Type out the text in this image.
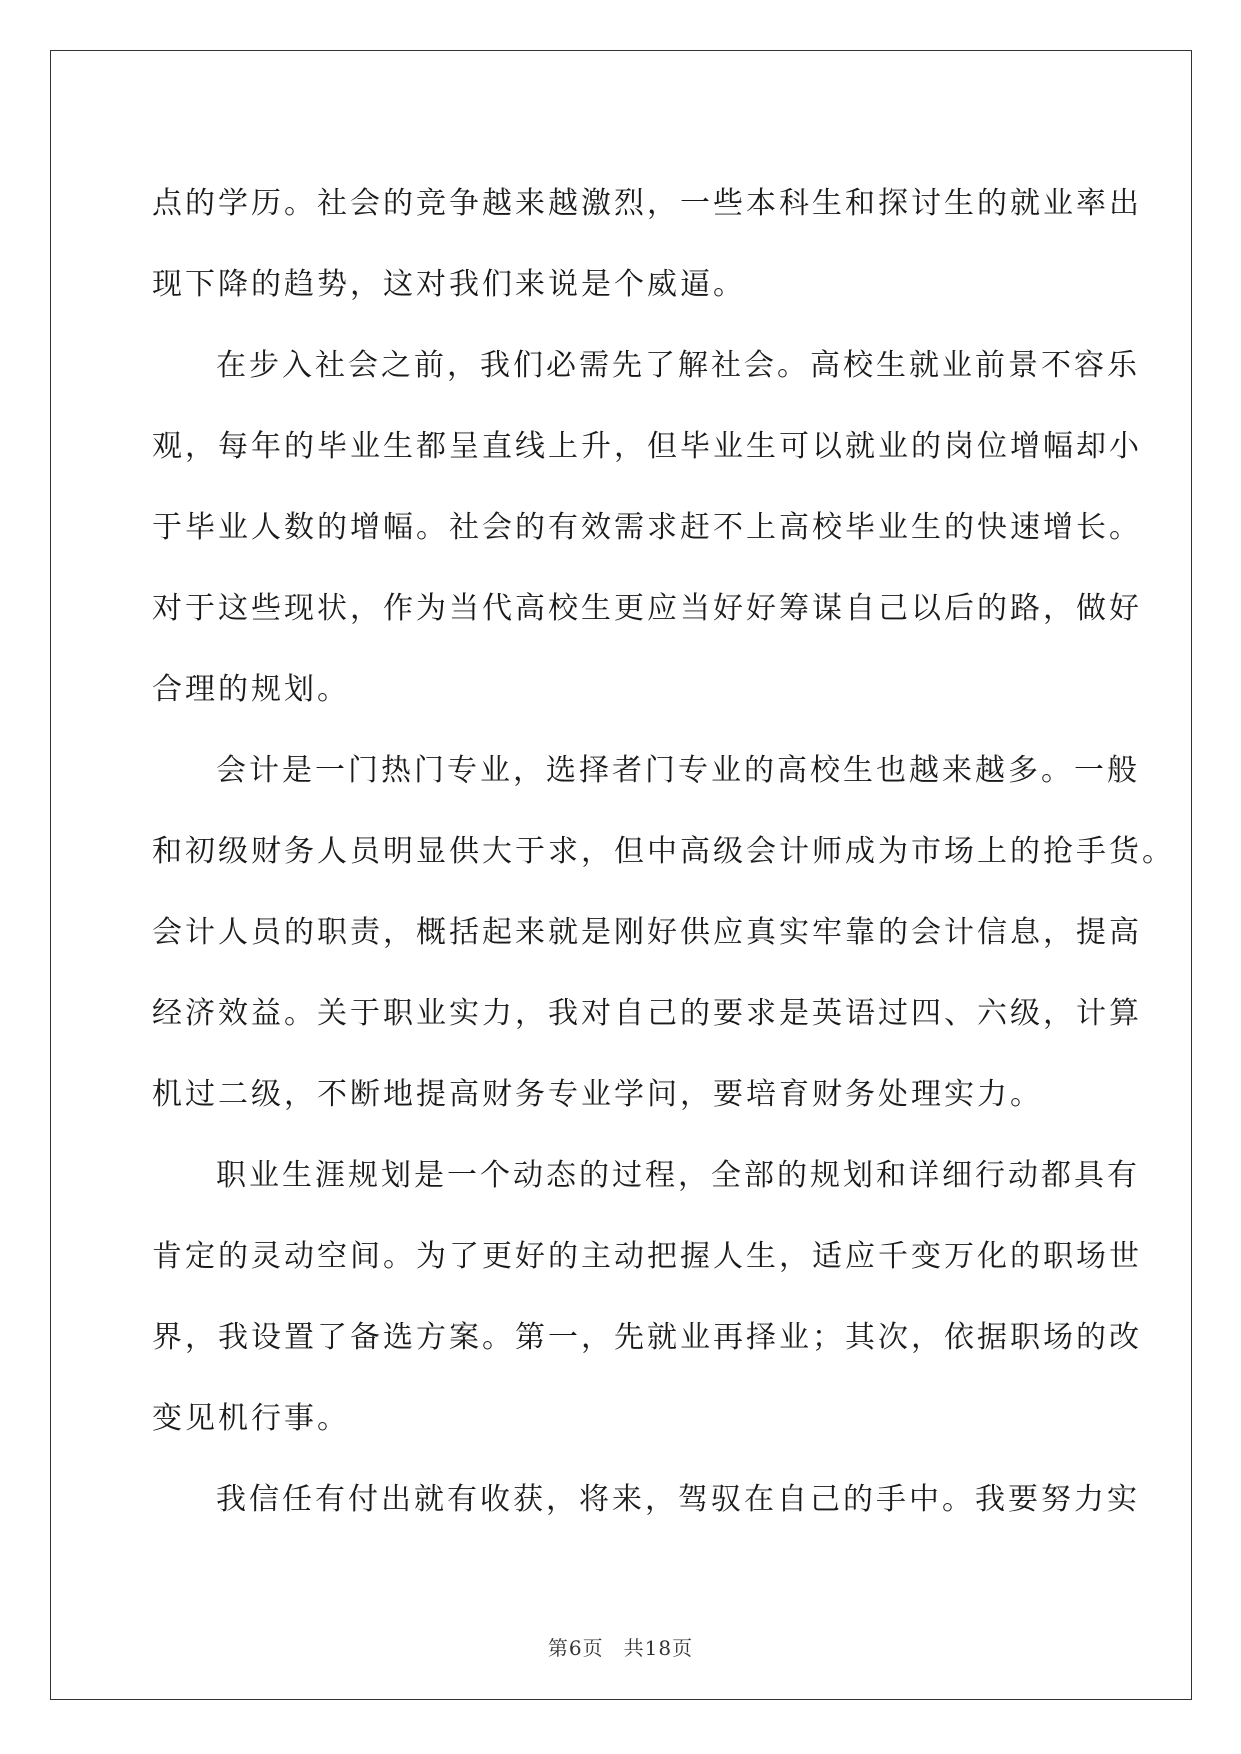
点的学历。社会的竞争越来越激烈，一些本科生和探讨生的就业率出
现下降的趋势，这对我们来说是个威逼。
在步入社会之前，我们必需先了解社会。高校生就业前景不容乐
观，每年的毕业生都呈直线上升，但毕业生可以就业的岗位增幅却小
于毕业人数的增幅。社会的有效需求赶不上高校毕业生的快速增长。
对于这些现状，作为当代高校生更应当好好筹谋自己以后的路，做好
合理的规划。
会计是一门热门专业，选择者门专业的高校生也越来越多。一般
和初级财务人员明显供大于求，但中高级会计师成为市场上的抢手货。
会计人员的职责，概括起来就是刚好供应真实牢靠的会计信息，提高
经济效益。关于职业实力，我对自己的要求是英语过四、六级，计算
机过二级，不断地提高财务专业学问，要培育财务处理实力。
职业生涯规划是一个动态的过程，全部的规划和详细行动都具有
肯定的灵动空间。为了更好的主动把握人生，适应千变万化的职场世
界，我设置了备选方案。第一，先就业再择业；其次，依据职场的改
变见机行事。
我信任有付出就有收获，将来，驾驭在自己的手中。我要努力实
第6页 共18页
